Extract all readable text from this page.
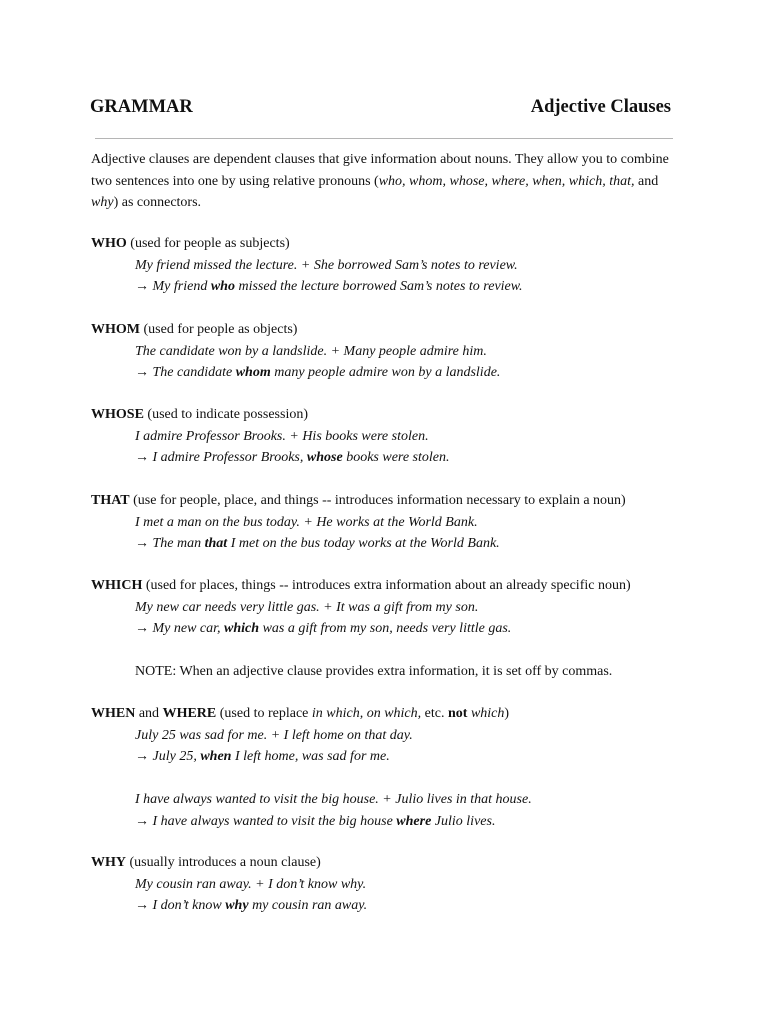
GRAMMAR	Adjective Clauses
Adjective clauses are dependent clauses that give information about nouns. They allow you to combine two sentences into one by using relative pronouns (who, whom, whose, where, when, which, that, and why) as connectors.
WHO (used for people as subjects)
My friend missed the lecture. + She borrowed Sam’s notes to review.
→ My friend who missed the lecture borrowed Sam’s notes to review.
WHOM (used for people as objects)
The candidate won by a landslide. + Many people admire him.
→ The candidate whom many people admire won by a landslide.
WHOSE (used to indicate possession)
I admire Professor Brooks. + His books were stolen.
→ I admire Professor Brooks, whose books were stolen.
THAT (use for people, place, and things -- introduces information necessary to explain a noun)
I met a man on the bus today. + He works at the World Bank.
→ The man that I met on the bus today works at the World Bank.
WHICH (used for places, things -- introduces extra information about an already specific noun)
My new car needs very little gas. + It was a gift from my son.
→ My new car, which was a gift from my son, needs very little gas.
NOTE: When an adjective clause provides extra information, it is set off by commas.
WHEN and WHERE (used to replace in which, on which, etc. not which)
July 25 was sad for me. + I left home on that day.
→ July 25, when I left home, was sad for me.
I have always wanted to visit the big house. + Julio lives in that house.
→ I have always wanted to visit the big house where Julio lives.
WHY (usually introduces a noun clause)
My cousin ran away. + I don’t know why.
→ I don’t know why my cousin ran away.
